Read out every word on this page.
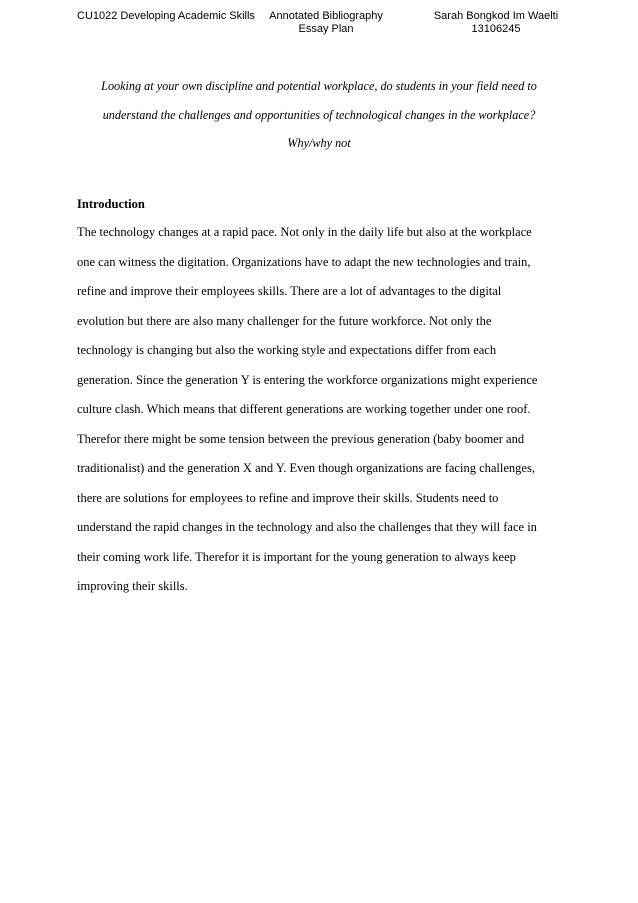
CU1022 Developing Academic Skills	Annotated Bibliography
Essay Plan
Sarah Bongkod Im Waelti
13106245
Looking at your own discipline and potential workplace, do students in your field need to
understand the challenges and opportunities of technological changes in the workplace?
Why/why not
Introduction
The technology changes at a rapid pace. Not only in the daily life but also at the workplace
one can witness the digitation. Organizations have to adapt the new technologies and train,
refine and improve their employees skills. There are a lot of advantages to the digital
evolution but there are also many challenger for the future workforce. Not only the
technology is changing but also the working style and expectations differ from each
generation. Since the generation Y is entering the workforce organizations might experience
culture clash. Which means that different generations are working together under one roof.
Therefor there might be some tension between the previous generation (baby boomer and
traditionalist) and the generation X and Y. Even though organizations are facing challenges,
there are solutions for employees to refine and improve their skills. Students need to
understand the rapid changes in the technology and also the challenges that they will face in
their coming work life. Therefor it is important for the young generation to always keep
improving their skills.
